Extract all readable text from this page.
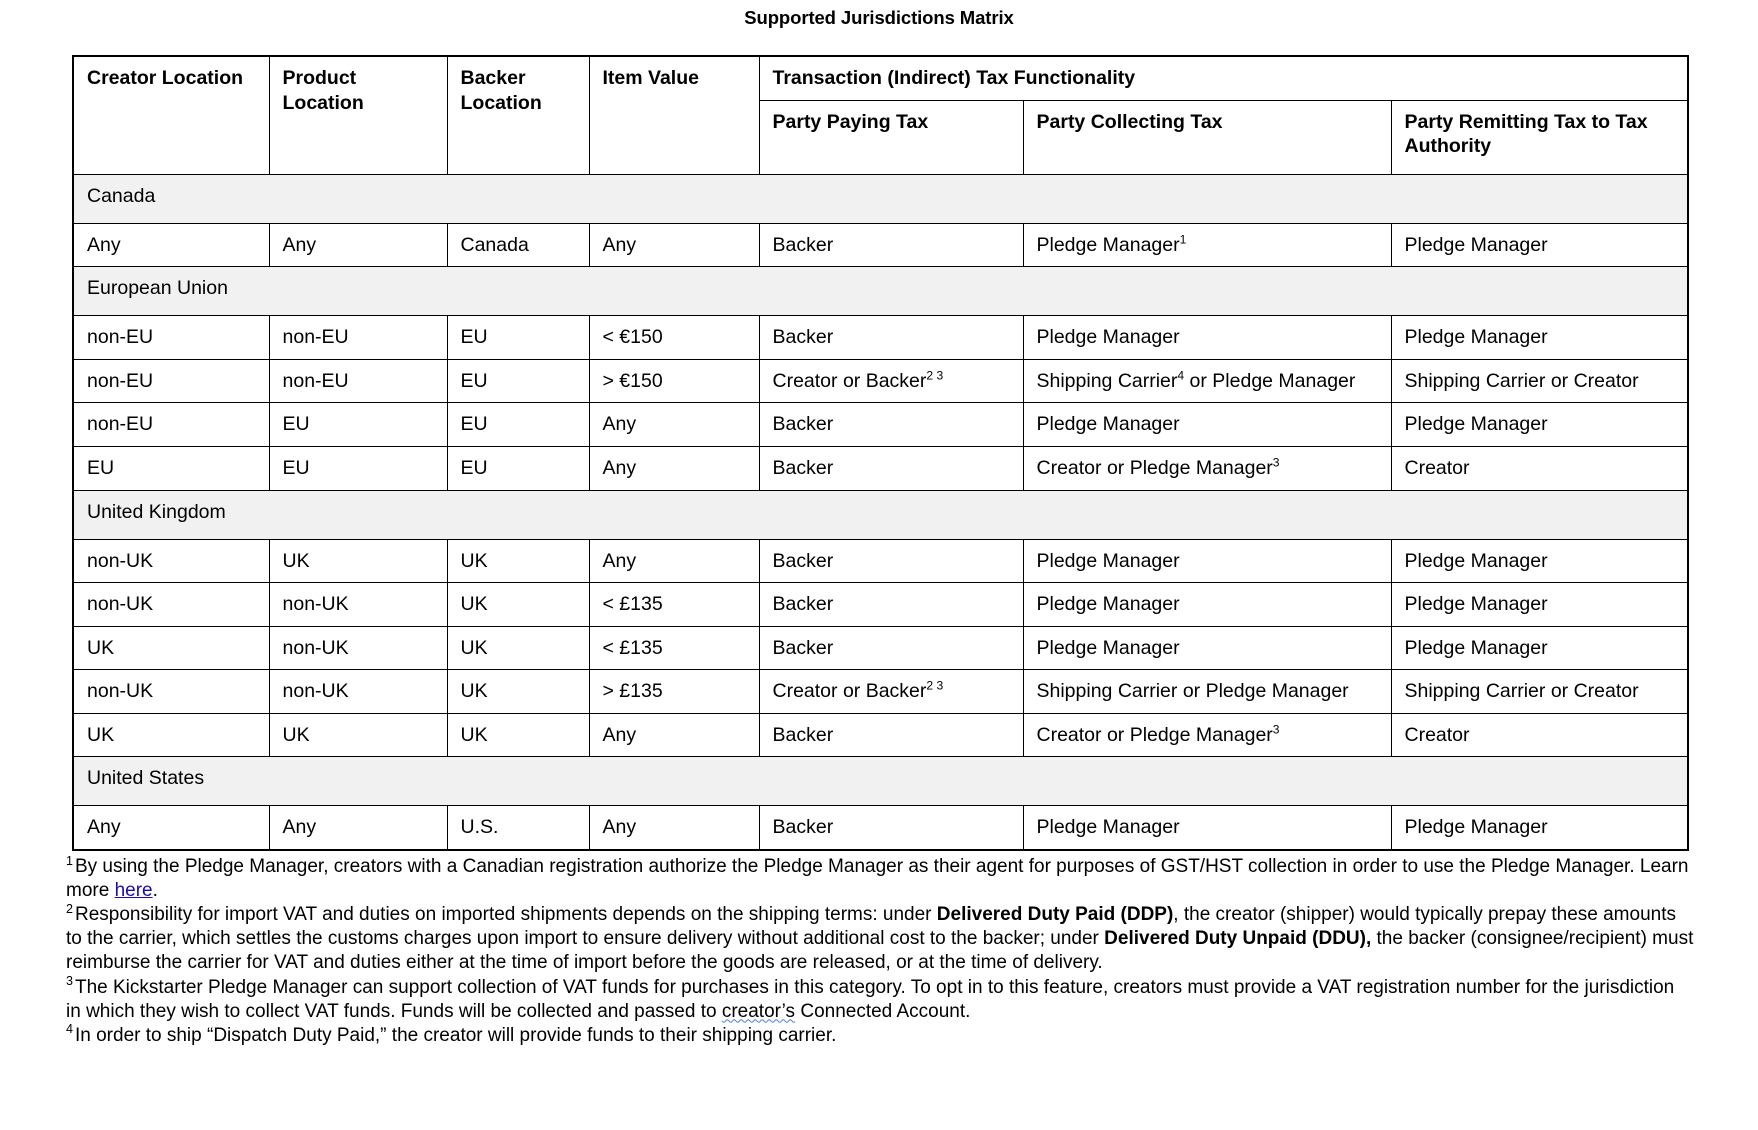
Supported Jurisdictions Matrix
Creator Location	Product Location	Backer Location	Item Value	Transaction (Indirect) Tax Functionality		
				Party Paying Tax	Party Collecting Tax	Party Remitting Tax to Tax Authority
Canada						
Any	Any	Canada	Any	Backer	Pledge Manager$^1$	Pledge Manager
European Union						
non-EU	non-EU	EU	< €150	Backer	Pledge Manager	Pledge Manager
non-EU	non-EU	EU	> €150	Creator or Backer$^{2 3}$	Shipping Carrier$^4$ or Pledge Manager	Shipping Carrier or Creator
non-EU	EU	EU	Any	Backer	Pledge Manager	Pledge Manager
EU	EU	EU	Any	Backer	Creator or Pledge Manager$^3$	Creator
United Kingdom						
non-UK	UK	UK	Any	Backer	Pledge Manager	Pledge Manager
non-UK	non-UK	UK	< £135	Backer	Pledge Manager	Pledge Manager
UK	non-UK	UK	< £135	Backer	Pledge Manager	Pledge Manager
non-UK	non-UK	UK	> £135	Creator or Backer$^{2 3}$	Shipping Carrier or Pledge Manager	Shipping Carrier or Creator
UK	UK	UK	Any	Backer	Creator or Pledge Manager$^3$	Creator
United States						
Any	Any	U.S.	Any	Backer	Pledge Manager	Pledge Manager

$^1$ By using the Pledge Manager, creators with a Canadian registration authorize the Pledge Manager as their agent for purposes of GST/HST collection in order to use the Pledge Manager. Learn more here.

$^2$ Responsibility for import VAT and duties on imported shipments depends on the shipping terms: under Delivered Duty Paid (DDP), the creator (shipper) would typically prepay these amounts to the carrier, which settles the customs charges upon import to ensure delivery without additional cost to the backer; under Delivered Duty Unpaid (DDU), the backer (consignee/recipient) must reimburse the carrier for VAT and duties either at the time of import before the goods are released, or at the time of delivery.

$^3$ The Kickstarter Pledge Manager can support collection of VAT funds for purchases in this category. To opt in to this feature, creators must provide a VAT registration number for the jurisdiction in which they wish to collect VAT funds. Funds will be collected and passed to creator’s Connected Account.

$^4$ In order to ship “Dispatch Duty Paid,” the creator will provide funds to their shipping carrier.
